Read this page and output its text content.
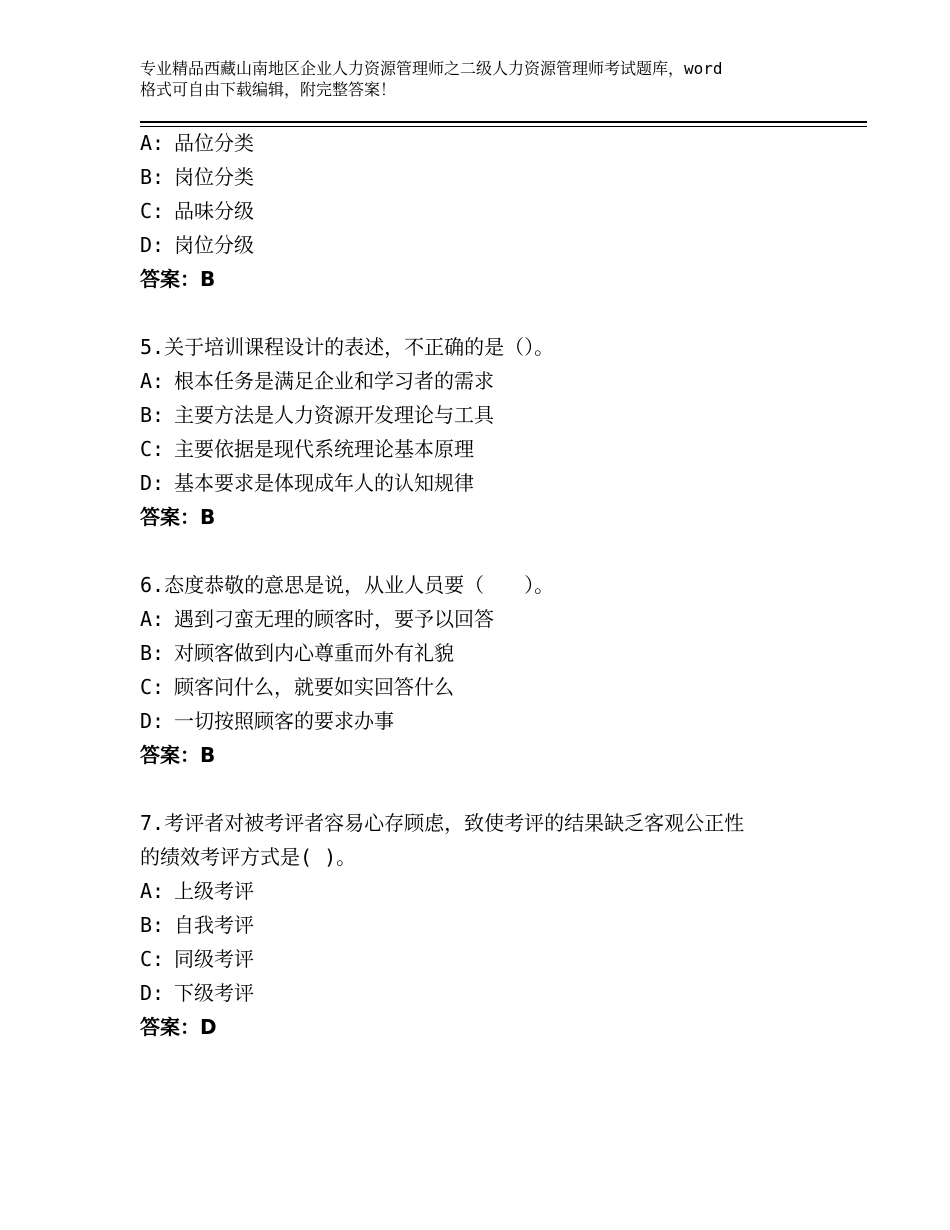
专业精品西藏山南地区企业人力资源管理师之二级人力资源管理师考试题库，word
格式可自由下载编辑，附完整答案！
A: 品位分类
B: 岗位分类
C: 品味分级
D: 岗位分级
答案：B
5.关于培训课程设计的表述，不正确的是（）。
A: 根本任务是满足企业和学习者的需求
B: 主要方法是人力资源开发理论与工具
C: 主要依据是现代系统理论基本原理
D: 基本要求是体现成年人的认知规律
答案：B
6.态度恭敬的意思是说，从业人员要（　　）。
A: 遇到刁蛮无理的顾客时，要予以回答
B: 对顾客做到内心尊重而外有礼貌
C: 顾客问什么，就要如实回答什么
D: 一切按照顾客的要求办事
答案：B
7.考评者对被考评者容易心存顾虑，致使考评的结果缺乏客观公正性
的绩效考评方式是( )。
A: 上级考评
B: 自我考评
C: 同级考评
D: 下级考评
答案：D
